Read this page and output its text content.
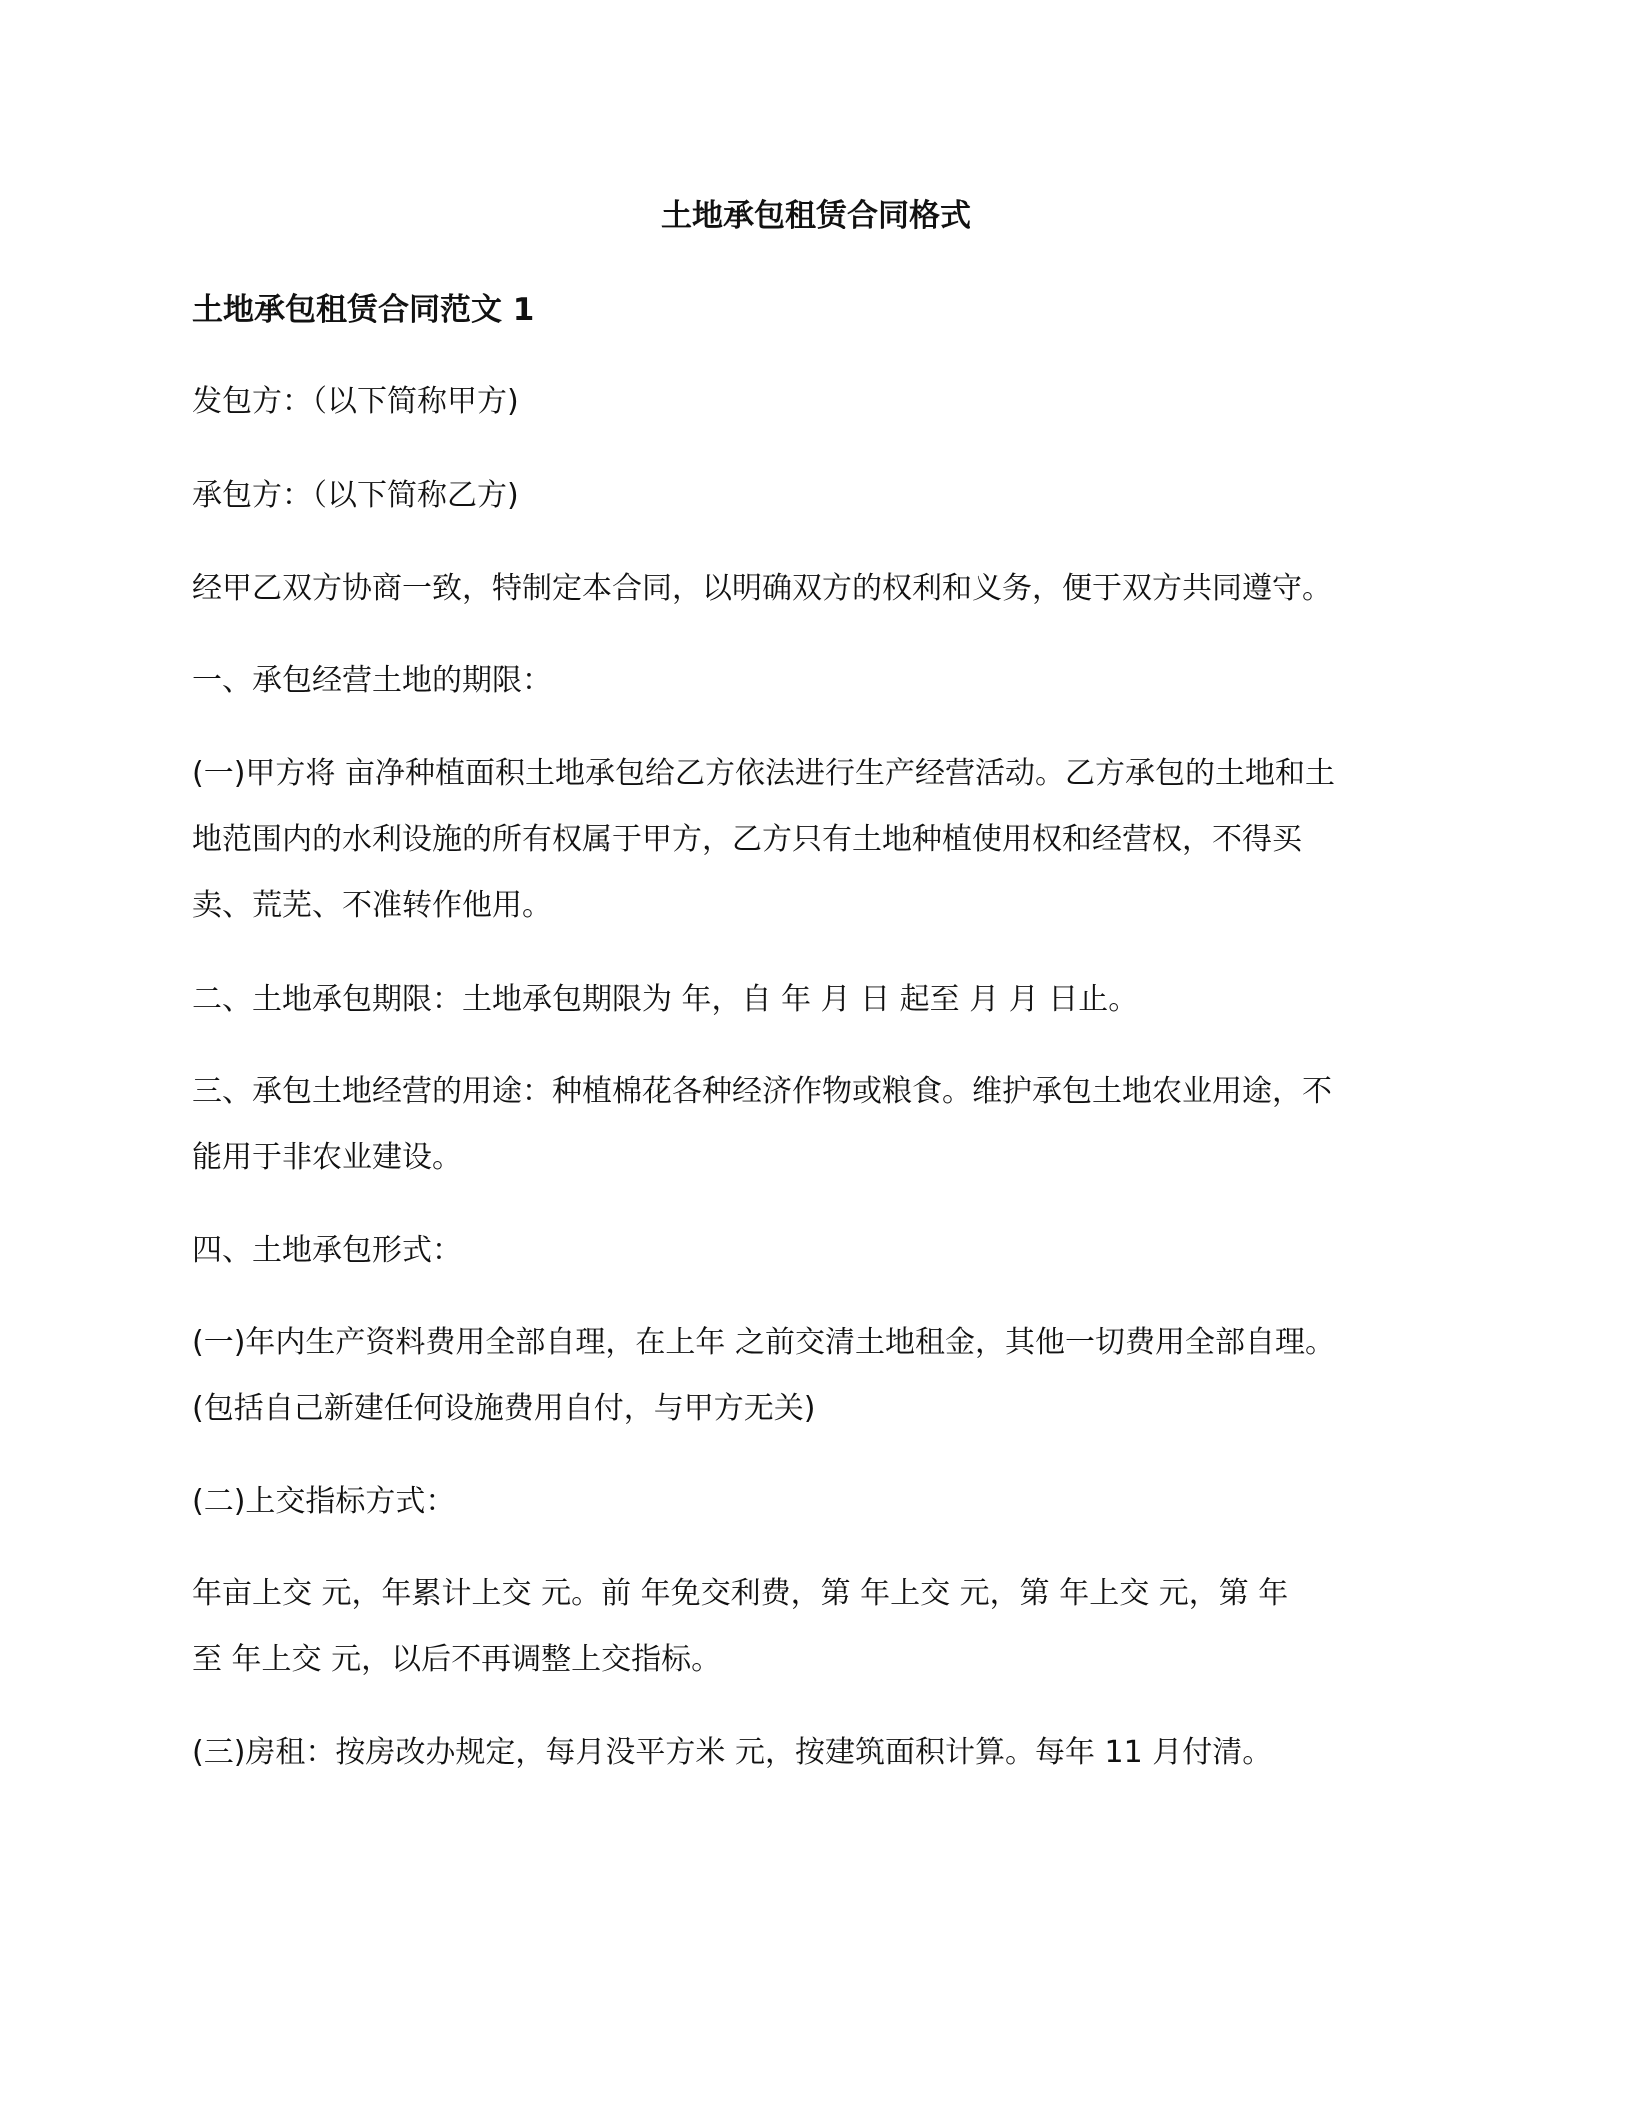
土地承包租赁合同格式
土地承包租赁合同范文 1

发包方：（以下简称甲方)

承包方：（以下简称乙方)

经甲乙双方协商一致，特制定本合同，以明确双方的权利和义务，便于双方共同遵守。

一、承包经营土地的期限：

(一)甲方将 亩净种植面积土地承包给乙方依法进行生产经营活动。乙方承包的土地和土
地范围内的水利设施的所有权属于甲方，乙方只有土地种植使用权和经营权，不得买
卖、荒芜、不准转作他用。

二、土地承包期限：土地承包期限为 年，自 年 月 日 起至 月 月 日止。

三、承包土地经营的用途：种植棉花各种经济作物或粮食。维护承包土地农业用途，不
能用于非农业建设。

四、土地承包形式：

(一)年内生产资料费用全部自理，在上年 之前交清土地租金，其他一切费用全部自理。
(包括自己新建任何设施费用自付，与甲方无关)

(二)上交指标方式：

年亩上交 元，年累计上交 元。前 年免交利费，第 年上交 元，第 年上交 元，第 年
至 年上交 元，以后不再调整上交指标。

(三)房租：按房改办规定，每月没平方米 元，按建筑面积计算。每年 11 月付清。
